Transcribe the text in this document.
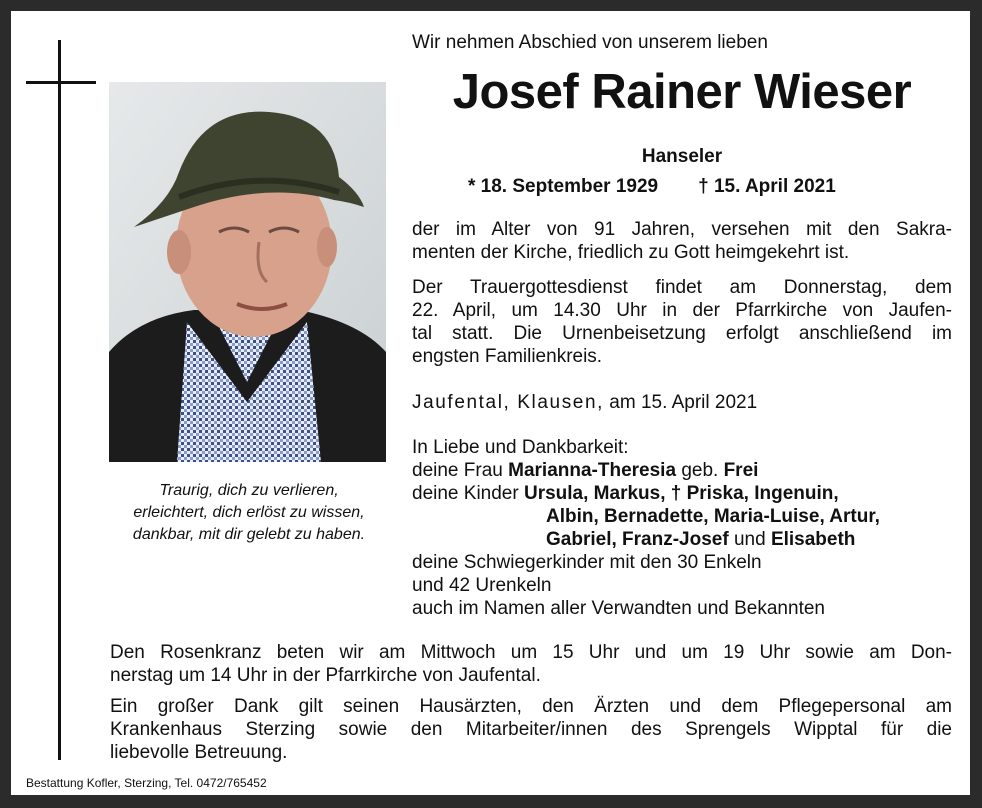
Traurig, dich zu verlieren,
erleichtert, dich erlöst zu wissen,
dankbar, mit dir gelebt zu haben.
Wir nehmen Abschied von unserem lieben
Josef Rainer Wieser
Hanseler
* 18. September 1929 † 15. April 2021
der im Alter von 91 Jahren, versehen mit den Sakra-
menten der Kirche, friedlich zu Gott heimgekehrt ist.
Der Trauergottesdienst findet am Donnerstag, dem
22. April, um 14.30 Uhr in der Pfarrkirche von Jaufen-
tal statt. Die Urnenbeisetzung erfolgt anschließend im
engsten Familienkreis.
Jaufental, Klausen, am 15. April 2021
In Liebe und Dankbarkeit:
deine Frau Marianna-Theresia geb. Frei
deine Kinder Ursula, Markus, † Priska, Ingenuin,
Albin, Bernadette, Maria-Luise, Artur,
Gabriel, Franz-Josef und Elisabeth
deine Schwiegerkinder mit den 30 Enkeln
und 42 Urenkeln
auch im Namen aller Verwandten und Bekannten
Den Rosenkranz beten wir am Mittwoch um 15 Uhr und um 19 Uhr sowie am Don-
nerstag um 14 Uhr in der Pfarrkirche von Jaufental.
Ein großer Dank gilt seinen Hausärzten, den Ärzten und dem Pflegepersonal am
Krankenhaus Sterzing sowie den Mitarbeiter/innen des Sprengels Wipptal für die
liebevolle Betreuung.
Bestattung Kofler, Sterzing, Tel. 0472/765452
